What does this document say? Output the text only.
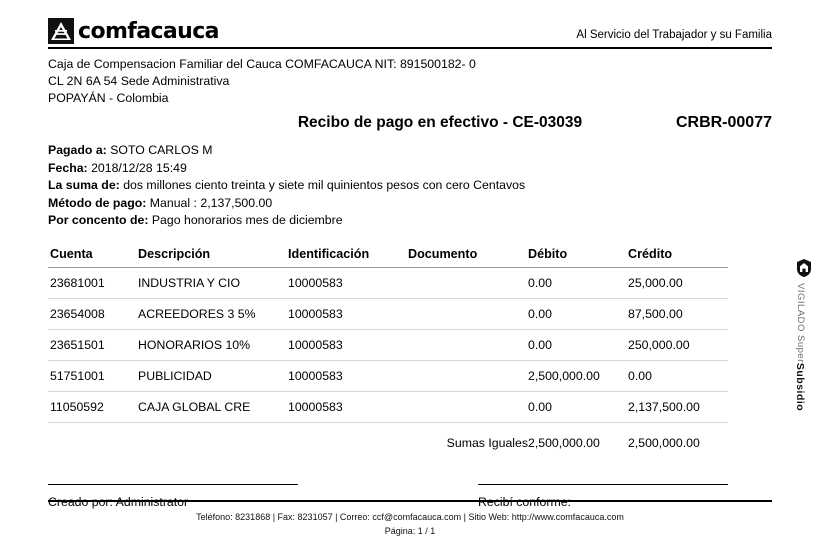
comfacauca	Al Servicio del Trabajador y su Familia
Caja de Compensacion Familiar del Cauca COMFACAUCA NIT: 891500182- 0
CL 2N 6A 54 Sede Administrativa
POPAYÁN - Colombia
Recibo de pago en efectivo - CE-03039	CRBR-00077
Pagado a: SOTO CARLOS M
Fecha: 2018/12/28 15:49
La suma de: dos millones ciento treinta y siete mil quinientos pesos con cero Centavos
Método de pago: Manual : 2,137,500.00
Por concento de: Pago honorarios mes de diciembre
Cuenta	Descripción	Identificación	Documento	Débito	Crédito
23681001	INDUSTRIA Y CIO	10000583		0.00	25,000.00
23654008	ACREEDORES 3 5%	10000583		0.00	87,500.00
23651501	HONORARIOS 10%	10000583		0.00	250,000.00
51751001	PUBLICIDAD	10000583		2,500,000.00	0.00
11050592	CAJA GLOBAL CRE	10000583		0.00	2,137,500.00
			Sumas Iguales	2,500,000.00	2,500,000.00
Creado por: Administrator	Recibí conforme:
VIGILADO SuperSubsidio
Teléfono: 8231868 | Fax: 8231057 | Correo: ccf@comfacauca.com | Sitio Web: http://www.comfacauca.com
Página: 1 / 1
